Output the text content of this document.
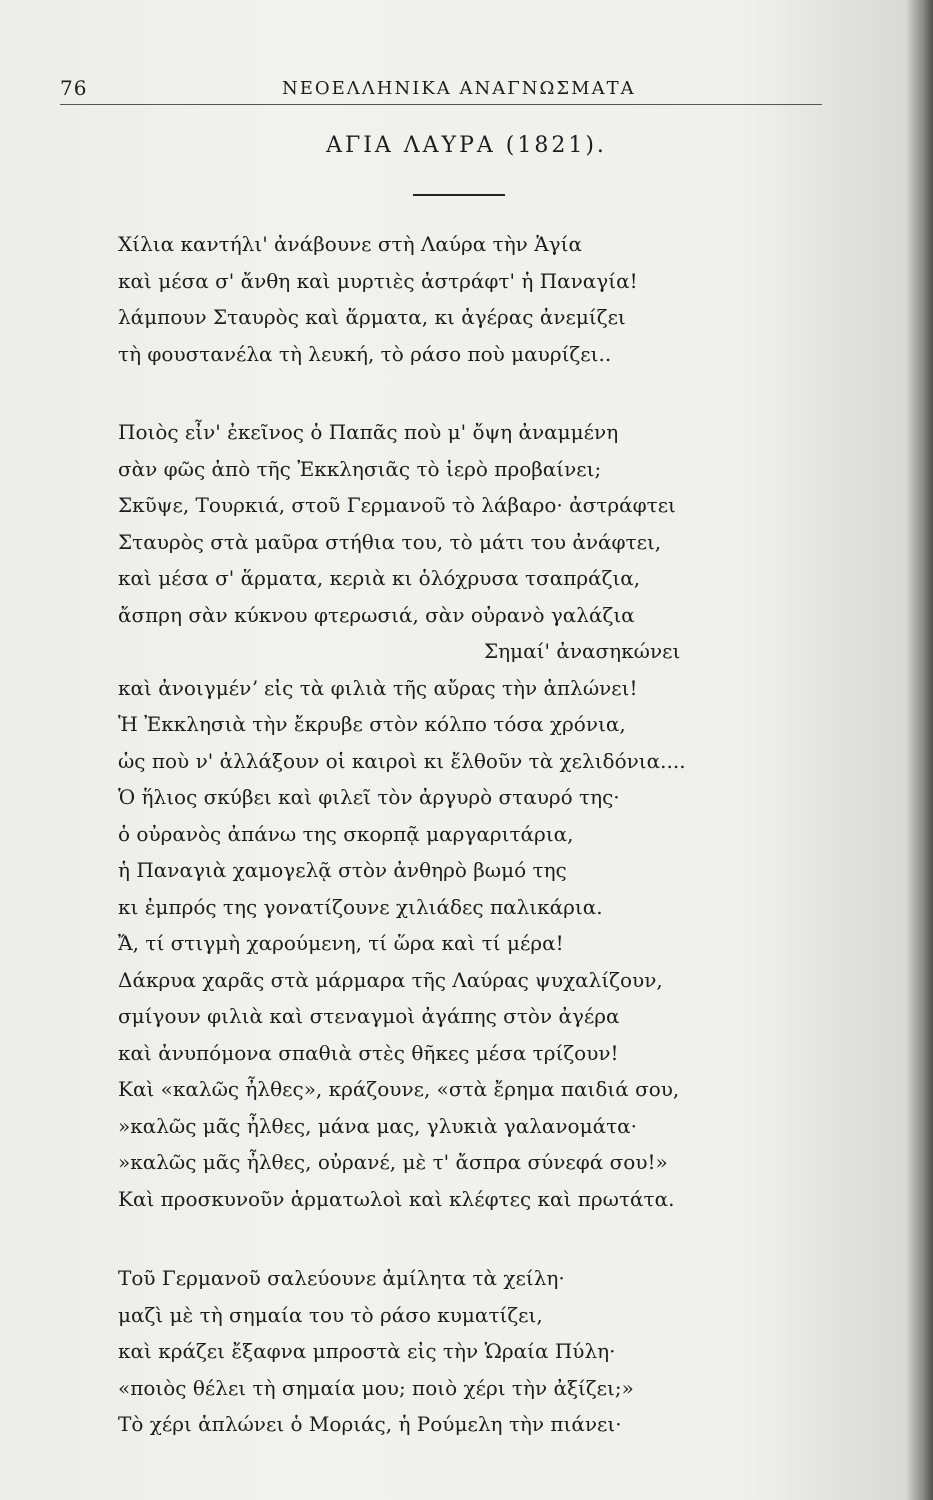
76	ΝΕΟΕΛΛΗΝΙΚΑ ΑΝΑΓΝΩΣΜΑΤΑ
ΑΓΙΑ ΛΑΥΡΑ (1821).
Χίλια καντήλι' ἀνάβουνε στὴ Λαύρα τὴν Ἁγία
καὶ μέσα σ' ἄνθη καὶ μυρτιὲς ἀστράφτ' ἡ Παναγία!
λάμπουν Σταυρὸς καὶ ἅρματα, κι ἀγέρας ἀνεμίζει
τὴ φουστανέλα τὴ λευκή, τὸ ράσο ποὺ μαυρίζει..
Ποιὸς εἶν' ἐκεῖνος ὁ Παπᾶς ποὺ μ' ὄψη ἀναμμένη
σὰν φῶς ἀπὸ τῆς Ἐκκλησιᾶς τὸ ἱερὸ προβαίνει;
Σκῦψε, Τουρκιά, στοῦ Γερμανοῦ τὸ λάβαρο· ἀστράφτει
Σταυρὸς στὰ μαῦρα στήθια του, τὸ μάτι του ἀνάφτει,
καὶ μέσα σ' ἅρματα, κεριὰ κι ὁλόχρυσα τσαπράζια,
ἄσπρη σὰν κύκνου φτερωσιά, σὰν οὐρανὸ γαλάζια
Σημαί' ἀνασηκώνει
καὶ ἀνοιγμένʼ εἰς τὰ φιλιὰ τῆς αὔρας τὴν ἁπλώνει!
Ἡ Ἐκκλησιὰ τὴν ἔκρυβε στὸν κόλπο τόσα χρόνια,
ὡς ποὺ ν' ἀλλάξουν οἱ καιροὶ κι ἔλθοῦν τὰ χελιδόνια....
Ὁ ἥλιος σκύβει καὶ φιλεῖ τὸν ἀργυρὸ σταυρό της·
ὁ οὐρανὸς ἀπάνω της σκορπᾷ μαργαριτάρια,
ἡ Παναγιὰ χαμογελᾷ στὸν ἀνθηρὸ βωμό της
κι ἐμπρός της γονατίζουνε χιλιάδες παλικάρια.
Ἄ, τί στιγμὴ χαρούμενη, τί ὥρα καὶ τί μέρα!
Δάκρυα χαρᾶς στὰ μάρμαρα τῆς Λαύρας ψυχαλίζουν,
σμίγουν φιλιὰ καὶ στεναγμοὶ ἀγάπης στὸν ἀγέρα
καὶ ἀνυπόμονα σπαθιὰ στὲς θῆκες μέσα τρίζουν!
Καὶ «καλῶς ἦλθες», κράζουνε, «στὰ ἔρημα παιδιά σου,
»καλῶς μᾶς ἦλθες, μάνα μας, γλυκιὰ γαλανομάτα·
»καλῶς μᾶς ἦλθες, οὐρανέ, μὲ τ' ἄσπρα σύνεφά σου!»
Καὶ προσκυνοῦν ἁρματωλοὶ καὶ κλέφτες καὶ πρωτάτα.
Τοῦ Γερμανοῦ σαλεύουνε ἀμίλητα τὰ χείλη·
μαζὶ μὲ τὴ σημαία του τὸ ράσο κυματίζει,
καὶ κράζει ἔξαφνα μπροστὰ εἰς τὴν Ὡραία Πύλη·
«ποιὸς θέλει τὴ σημαία μου; ποιὸ χέρι τὴν ἀξίζει;»
Τὸ χέρι ἁπλώνει ὁ Μοριάς, ἡ Ρούμελη τὴν πιάνει·
